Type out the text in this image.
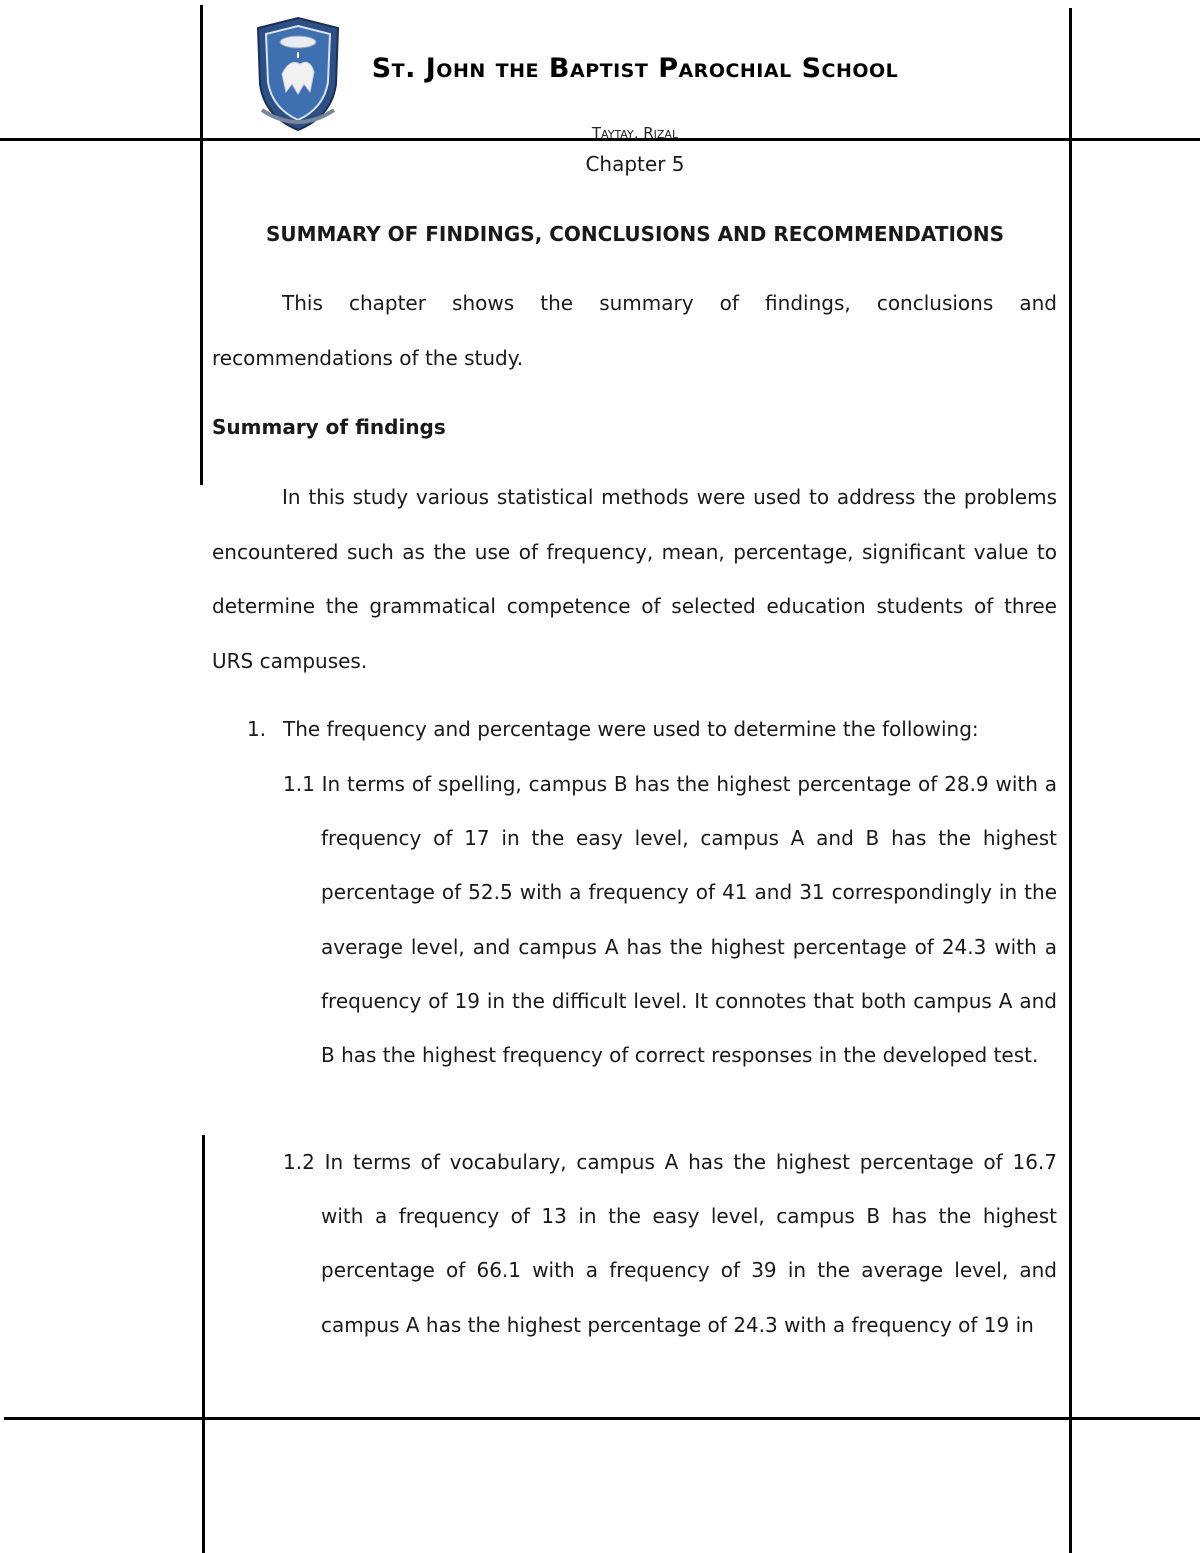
St. John the Baptist Parochial School
Taytay, Rizal
Chapter 5
SUMMARY OF FINDINGS, CONCLUSIONS AND RECOMMENDATIONS

This chapter shows the summary of findings, conclusions and recommendations of the study.

Summary of findings

In this study various statistical methods were used to address the problems encountered such as the use of frequency, mean, percentage, significant value to determine the grammatical competence of selected education students of three URS campuses.

1. The frequency and percentage were used to determine the following:

1.1 In terms of spelling, campus B has the highest percentage of 28.9 with a frequency of 17 in the easy level, campus A and B has the highest percentage of 52.5 with a frequency of 41 and 31 correspondingly in the average level, and campus A has the highest percentage of 24.3 with a frequency of 19 in the difficult level. It connotes that both campus A and B has the highest frequency of correct responses in the developed test.

1.2 In terms of vocabulary, campus A has the highest percentage of 16.7 with a frequency of 13 in the easy level, campus B has the highest percentage of 66.1 with a frequency of 39 in the average level, and campus A has the highest percentage of 24.3 with a frequency of 19 in
